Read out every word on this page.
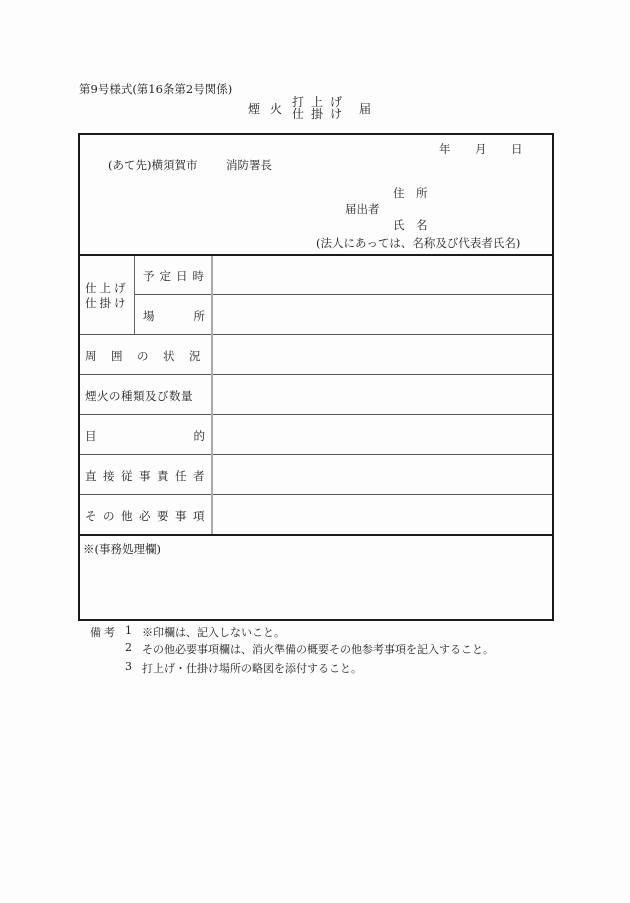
第9号様式(第16条第2号関係)
煙 火 打上げ
仕掛け 届
年 月 日
(あて先)横須賀市 消防署長
住　所
届出者
氏　名
(法人にあっては、名称及び代表者氏名)
仕上げ
仕掛け
予定日時
場	所
周囲の状況
煙火の種類及び数量
目	的
直接従事責任者
その他必要事項
※(事務処理欄)
備考 1 ※印欄は、記入しないこと。
2 その他必要事項欄は、消火準備の概要その他参考事項を記入すること。
3 打上げ・仕掛け場所の略図を添付すること。
